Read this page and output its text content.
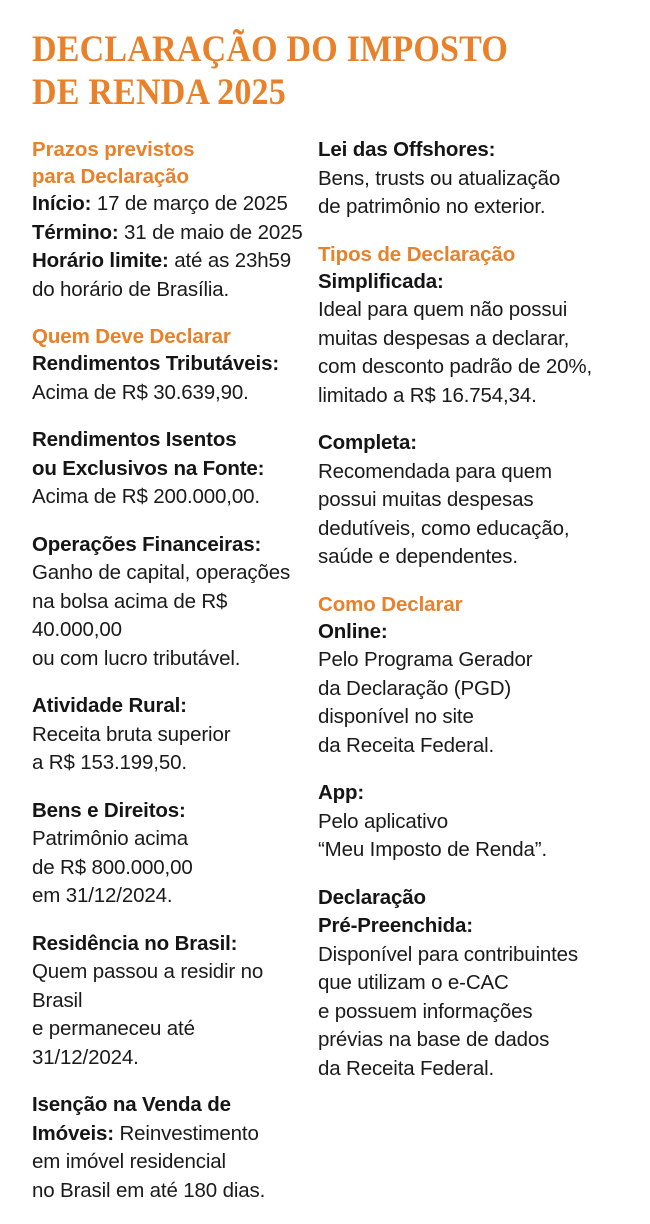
DECLARAÇÃO DO IMPOSTO
DE RENDA 2025
Prazos previstos
para Declaração
Início: 17 de março de 2025
Término: 31 de maio de 2025
Horário limite: até as 23h59
do horário de Brasília.
Quem Deve Declarar
Rendimentos Tributáveis:
Acima de R$ 30.639,90.
Rendimentos Isentos
ou Exclusivos na Fonte:
Acima de R$ 200.000,00.
Operações Financeiras:
Ganho de capital, operações
na bolsa acima de R$ 40.000,00
ou com lucro tributável.
Atividade Rural:
Receita bruta superior
a R$ 153.199,50.
Bens e Direitos:
Patrimônio acima
de R$ 800.000,00
em 31/12/2024.
Residência no Brasil:
Quem passou a residir no Brasil
e permaneceu até 31/12/2024.
Isenção na Venda de
Imóveis: Reinvestimento
em imóvel residencial
no Brasil em até 180 dias.
Lei das Offshores:
Bens, trusts ou atualização
de patrimônio no exterior.
Tipos de Declaração
Simplificada:
Ideal para quem não possui
muitas despesas a declarar,
com desconto padrão de 20%,
limitado a R$ 16.754,34.
Completa:
Recomendada para quem
possui muitas despesas
dedutíveis, como educação,
saúde e dependentes.
Como Declarar
Online:
Pelo Programa Gerador
da Declaração (PGD)
disponível no site
da Receita Federal.
App:
Pelo aplicativo
“Meu Imposto de Renda”.
Declaração
Pré-Preenchida:
Disponível para contribuintes
que utilizam o e-CAC
e possuem informações
prévias na base de dados
da Receita Federal.
